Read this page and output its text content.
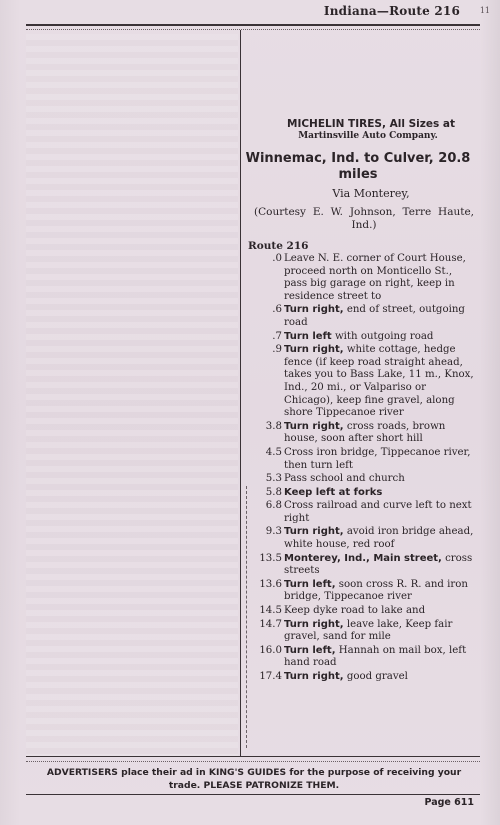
Indiana—Route 216 11
MICHELIN TIRES, All Sizes at
Martinsville Auto Company.
Winnemac, Ind. to Culver, 20.8 miles
Via Monterey,
(Courtesy E. W. Johnson, Terre Haute, Ind.)
Route 216
.0 Leave N. E. corner of Court House, proceed north on Monticello St., pass big garage on right, keep in residence street to
.6 Turn right, end of street, outgoing road
.7 Turn left with outgoing road
.9 Turn right, white cottage, hedge fence (if keep road straight ahead, takes you to Bass Lake, 11 m., Knox, Ind., 20 mi., or Valpariso or Chicago), keep fine gravel, along shore Tippecanoe river
3.8 Turn right, cross roads, brown house, soon after short hill
4.5 Cross iron bridge, Tippecanoe river, then turn left
5.3 Pass school and church
5.8 Keep left at forks
6.8 Cross railroad and curve left to next right
9.3 Turn right, avoid iron bridge ahead, white house, red roof
13.5 Monterey, Ind., Main street, cross streets
13.6 Turn left, soon cross R. R. and iron bridge, Tippecanoe river
14.5 Keep dyke road to lake and
14.7 Turn right, leave lake, Keep fair gravel, sand for mile
16.0 Turn left, Hannah on mail box, left hand road
17.4 Turn right, good gravel
ADVERTISERS place their ad in KING'S GUIDES for the purpose of receiving your trade. PLEASE PATRONIZE THEM.
Page 611
